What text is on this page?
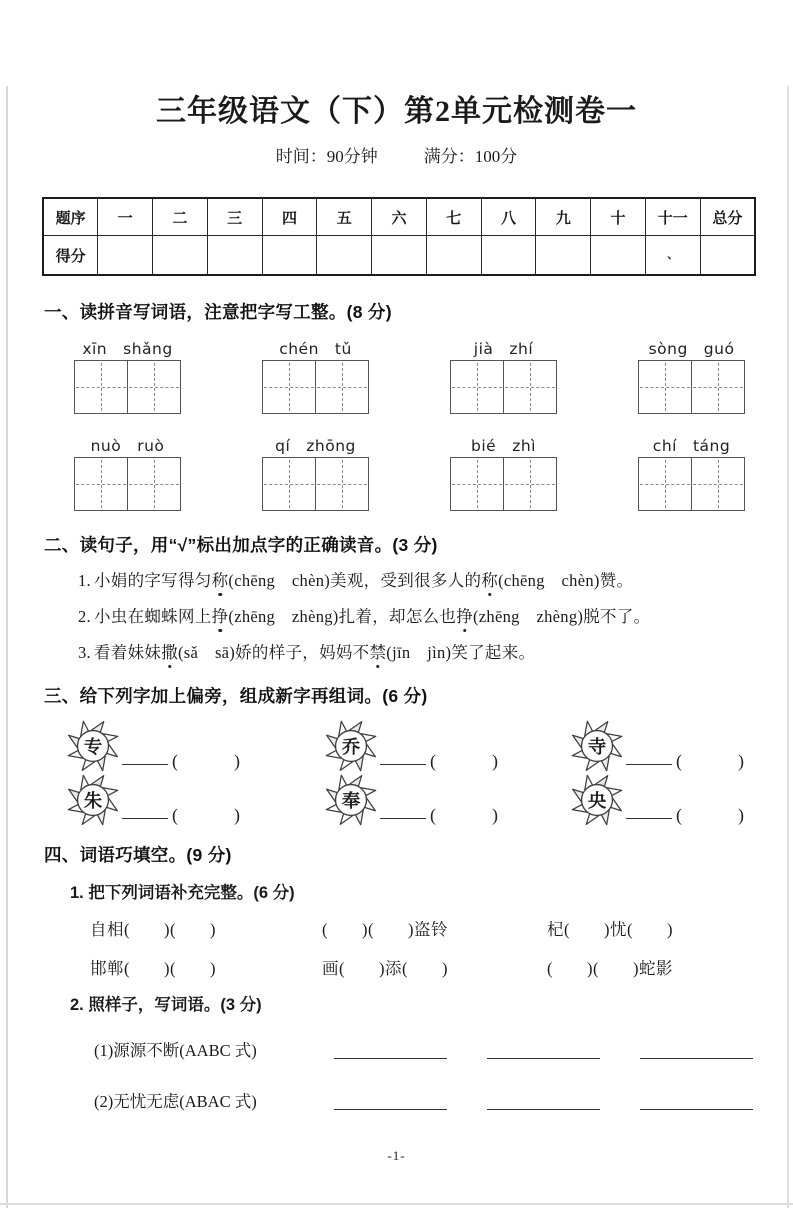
三年级语文（下）第2单元检测卷一
时间：90分钟	满分：100分
题序	一	二	三	四	五	六	七	八	九	十	十一	总分
得分											、	
一、读拼音写词语，注意把字写工整。(8 分)
xīn　shǎng	chén　tǔ	jià　zhí	sòng　guó
nuò　ruò	qí　zhōng	bié　zhì	chí　táng
二、读句子，用“√”标出加点字的正确读音。(3 分)
1. 小娟的字写得匀称(chēng　chèn)美观，受到很多人的称(chēng　chèn)赞。
2. 小虫在蜘蛛网上挣(zhēng　zhèng)扎着，却怎么也挣(zhēng　zhèng)脱不了。
3. 看着妹妹撒(sǎ　sā)娇的样子，妈妈不禁(jīn　jìn)笑了起来。
三、给下列字加上偏旁，组成新字再组词。(6 分)
专
(	)
乔
(	)
寺
(	)
朱
(	)
奉
(	)
央
(	)
四、词语巧填空。(9 分)
1. 把下列词语补充完整。(6 分)
自相(　　)(　　)	(　　)(　　)盗铃	杞(　　)忧(　　)
邯郸(　　)(　　)	画(　　)添(　　)	(　　)(　　)蛇影
2. 照样子，写词语。(3 分)
(1)源源不断(AABC 式)
(2)无忧无虑(ABAC 式)
-1-
